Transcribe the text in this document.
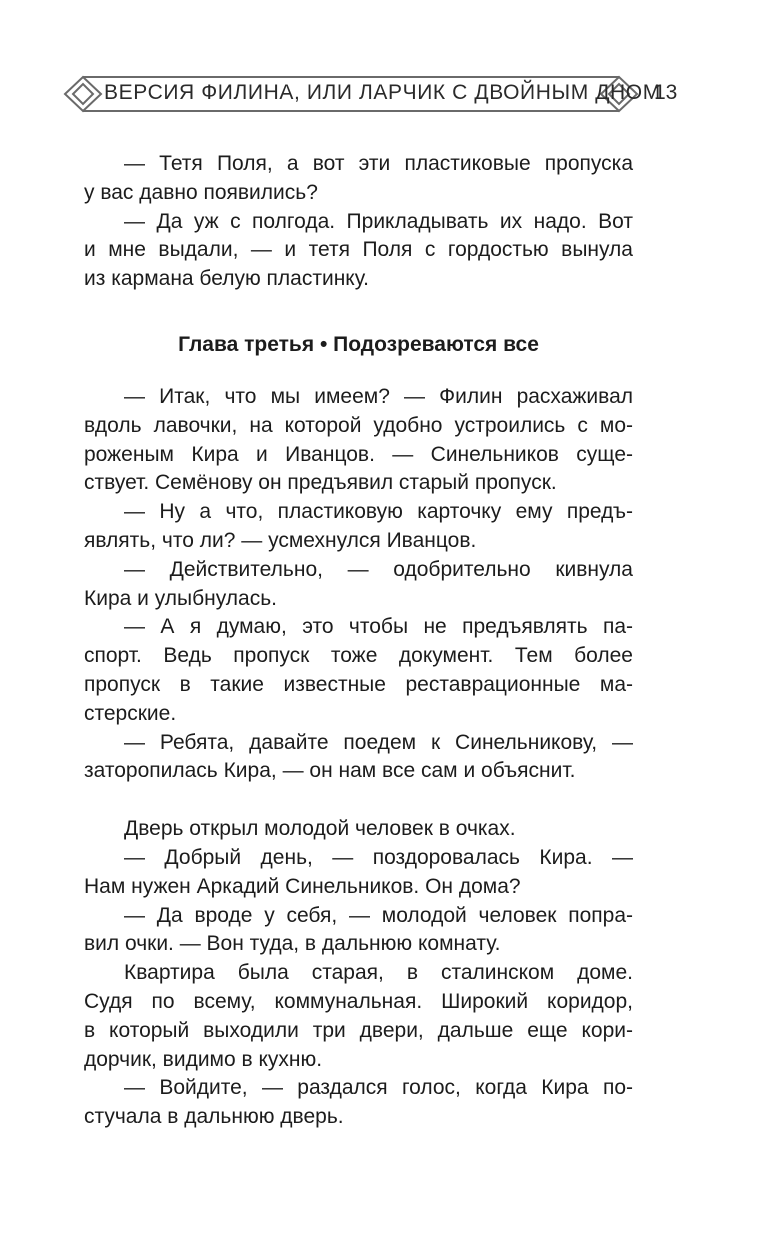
ВЕРСИЯ ФИЛИНА, ИЛИ ЛАРЧИК С ДВОЙНЫМ ДНОМ
13
— Тетя Поля, а вот эти пластиковые пропуска
у вас давно появились?
— Да уж с полгода. Прикладывать их надо. Вот
и мне выдали, — и тетя Поля с гордостью вынула
из кармана белую пластинку.
Глава третья • Подозреваются все
— Итак, что мы имеем? — Филин расхаживал
вдоль лавочки, на которой удобно устроились с мо-
роженым Кира и Иванцов. — Синельников суще-
ствует. Семёнову он предъявил старый пропуск.
— Ну а что, пластиковую карточку ему предъ-
являть, что ли? — усмехнулся Иванцов.
— Действительно, — одобрительно кивнула
Кира и улыбнулась.
— А я думаю, это чтобы не предъявлять па-
спорт. Ведь пропуск тоже документ. Тем более
пропуск в такие известные реставрационные ма-
стерские.
— Ребята, давайте поедем к Синельникову, —
заторопилась Кира, — он нам все сам и объяснит.
Дверь открыл молодой человек в очках.
— Добрый день, — поздоровалась Кира. —
Нам нужен Аркадий Синельников. Он дома?
— Да вроде у себя, — молодой человек попра-
вил очки. — Вон туда, в дальнюю комнату.
Квартира была старая, в сталинском доме.
Судя по всему, коммунальная. Широкий коридор,
в который выходили три двери, дальше еще кори-
дорчик, видимо в кухню.
— Войдите, — раздался голос, когда Кира по-
стучала в дальнюю дверь.
